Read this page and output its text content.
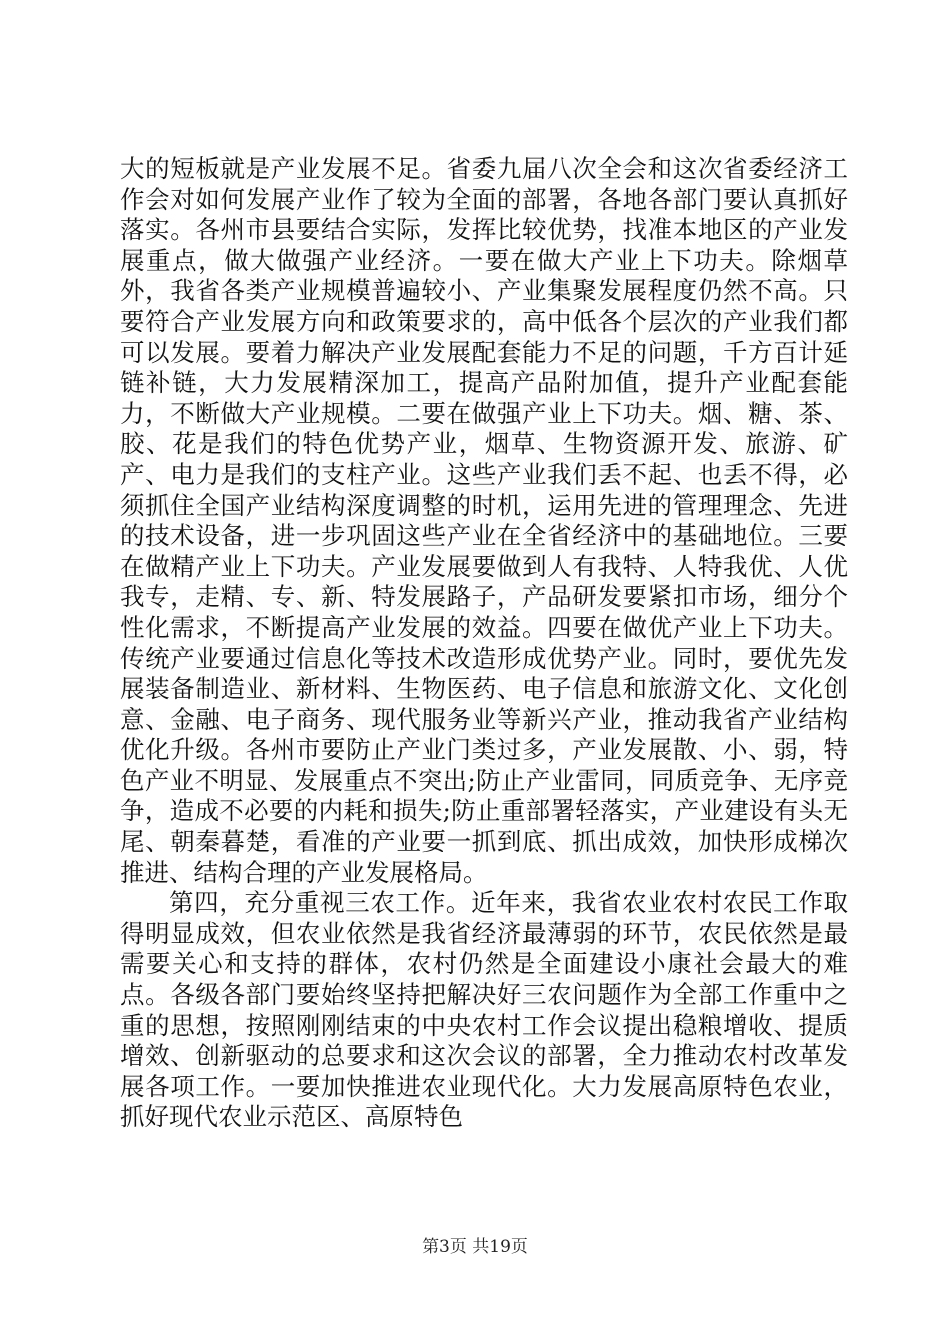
大的短板就是产业发展不足。省委九届八次全会和这次省委经济工作会对如何发展产业作了较为全面的部署，各地各部门要认真抓好落实。各州市县要结合实际，发挥比较优势，找准本地区的产业发展重点，做大做强产业经济。一要在做大产业上下功夫。除烟草外，我省各类产业规模普遍较小、产业集聚发展程度仍然不高。只要符合产业发展方向和政策要求的，高中低各个层次的产业我们都可以发展。要着力解决产业发展配套能力不足的问题，千方百计延链补链，大力发展精深加工，提高产品附加值，提升产业配套能力，不断做大产业规模。二要在做强产业上下功夫。烟、糖、茶、胶、花是我们的特色优势产业，烟草、生物资源开发、旅游、矿产、电力是我们的支柱产业。这些产业我们丢不起、也丢不得，必须抓住全国产业结构深度调整的时机，运用先进的管理理念、先进的技术设备，进一步巩固这些产业在全省经济中的基础地位。三要在做精产业上下功夫。产业发展要做到人有我特、人特我优、人优我专，走精、专、新、特发展路子，产品研发要紧扣市场，细分个性化需求，不断提高产业发展的效益。四要在做优产业上下功夫。传统产业要通过信息化等技术改造形成优势产业。同时，要优先发展装备制造业、新材料、生物医药、电子信息和旅游文化、文化创意、金融、电子商务、现代服务业等新兴产业，推动我省产业结构优化升级。各州市要防止产业门类过多，产业发展散、小、弱，特色产业不明显、发展重点不突出;防止产业雷同，同质竞争、无序竞争，造成不必要的内耗和损失;防止重部署轻落实，产业建设有头无尾、朝秦暮楚，看准的产业要一抓到底、抓出成效，加快形成梯次推进、结构合理的产业发展格局。

第四，充分重视三农工作。近年来，我省农业农村农民工作取得明显成效，但农业依然是我省经济最薄弱的环节，农民依然是最需要关心和支持的群体，农村仍然是全面建设小康社会最大的难点。各级各部门要始终坚持把解决好三农问题作为全部工作重中之重的思想，按照刚刚结束的中央农村工作会议提出稳粮增收、提质增效、创新驱动的总要求和这次会议的部署，全力推动农村改革发展各项工作。一要加快推进农业现代化。大力发展高原特色农业，抓好现代农业示范区、高原特色

第3页 共19页
